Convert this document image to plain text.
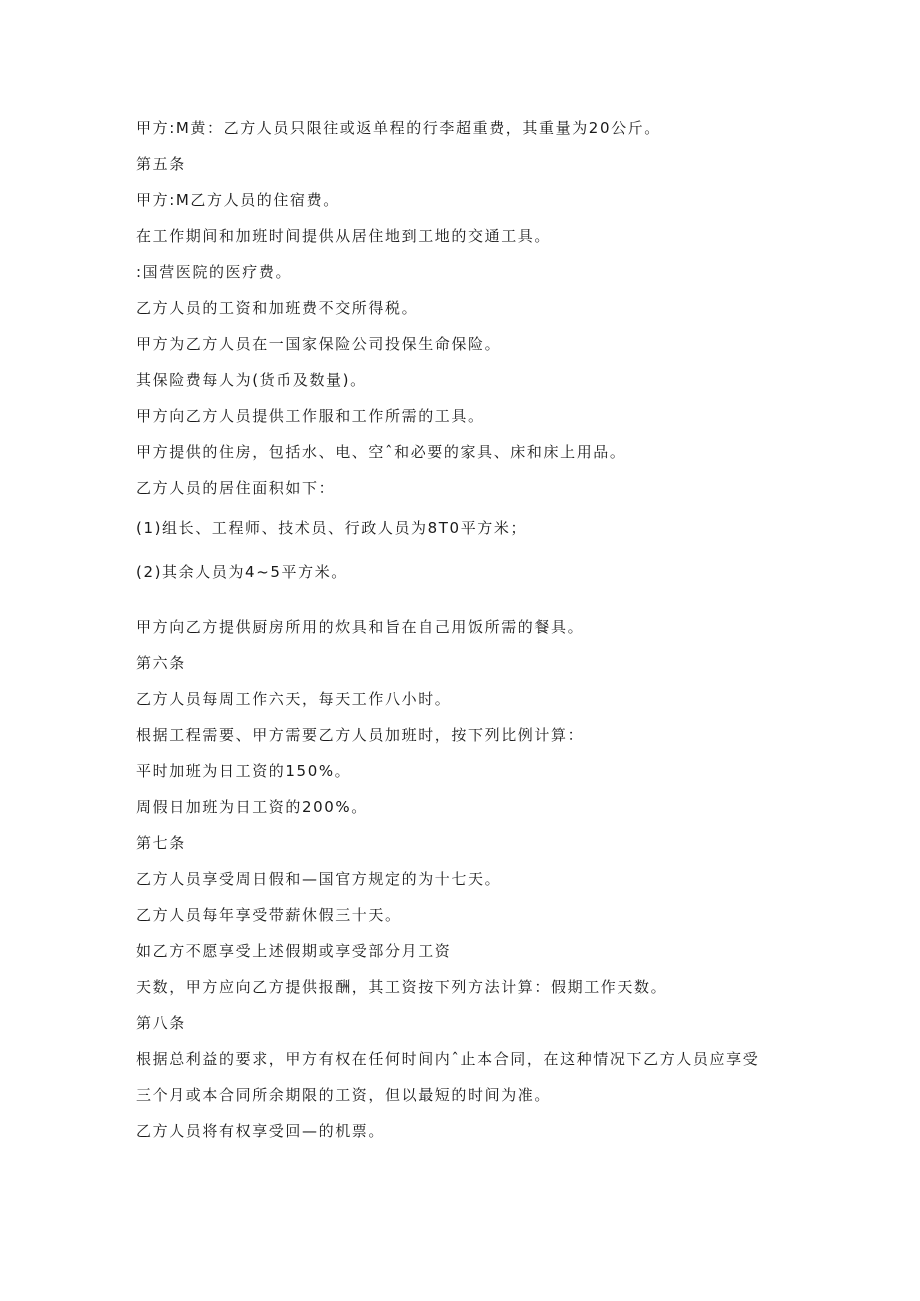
甲方:M黄：乙方人员只限往或返单程的行李超重费，其重量为20公斤。

第五条

甲方:M乙方人员的住宿费。

在工作期间和加班时间提供从居住地到工地的交通工具。

:国营医院的医疗费。

乙方人员的工资和加班费不交所得税。

甲方为乙方人员在一国家保险公司投保生命保险。

其保险费每人为(货币及数量)。

甲方向乙方人员提供工作服和工作所需的工具。

甲方提供的住房，包括水、电、空ˆ和必要的家具、床和床上用品。

乙方人员的居住面积如下：

(1)组长、工程师、技术员、行政人员为8T0平方米；

(2)其余人员为4~5平方米。

甲方向乙方提供厨房所用的炊具和旨在自己用饭所需的餐具。

第六条

乙方人员每周工作六天，每天工作八小时。

根据工程需要、甲方需要乙方人员加班时，按下列比例计算：

平时加班为日工资的150%。

周假日加班为日工资的200%。

第七条

乙方人员享受周日假和—国官方规定的为十七天。

乙方人员每年享受带薪休假三十天。

如乙方不愿享受上述假期或享受部分月工资

天数，甲方应向乙方提供报酬，其工资按下列方法计算：假期工作天数。

第八条

根据总利益的要求，甲方有权在任何时间内ˆ止本合同，在这种情况下乙方人员应享受

三个月或本合同所余期限的工资，但以最短的时间为准。

乙方人员将有权享受回—的机票。
